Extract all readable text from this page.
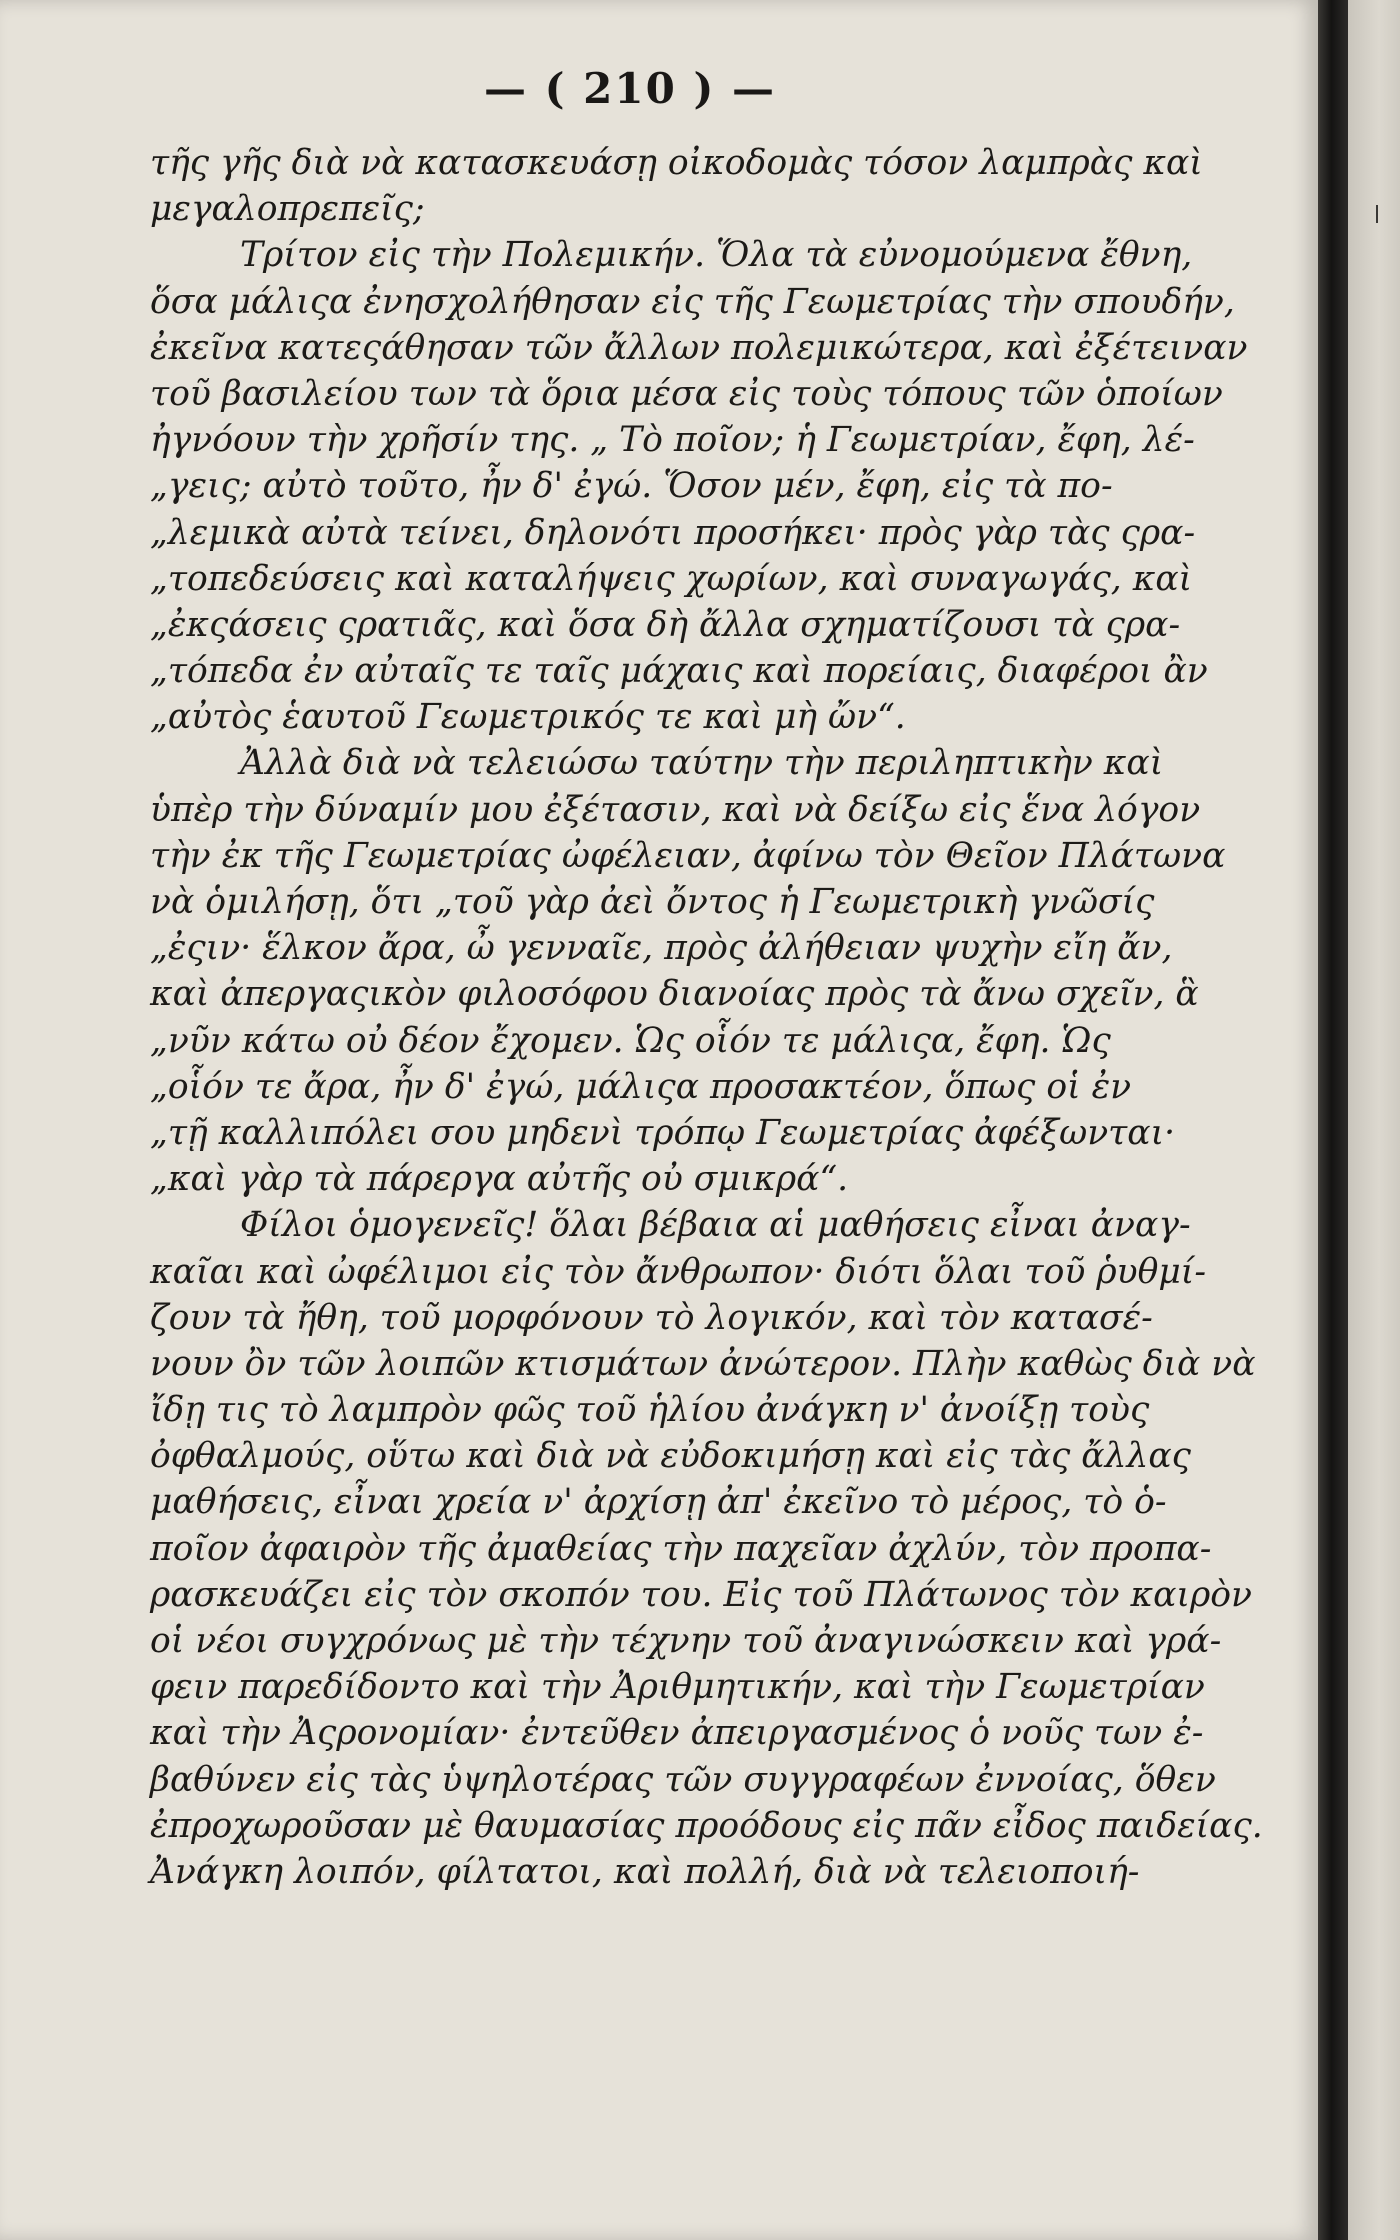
— ( 210 ) —
τῆς γῆς διὰ νὰ κατασκευάσῃ οἰκοδομὰς τόσον λαμπρὰς καὶ
μεγαλοπρεπεῖς;
Τρίτον εἰς τὴν Πολεμικήν. Ὅλα τὰ εὐνομούμενα ἔθνη,
ὅσα μάλιςα ἐνησχολήθησαν εἰς τῆς Γεωμετρίας τὴν σπουδήν,
ἐκεῖνα κατεςάθησαν τῶν ἄλλων πολεμικώτερα, καὶ ἐξέτειναν
τοῦ βασιλείου των τὰ ὅρια μέσα εἰς τοὺς τόπους τῶν ὁποίων
ἠγνόουν τὴν χρῆσίν της. „ Τὸ ποῖον; ἡ Γεωμετρίαν, ἔφη, λέ-
„γεις; αὐτὸ τοῦτο, ἦν δ' ἐγώ. Ὅσον μέν, ἔφη, εἰς τὰ πο-
„λεμικὰ αὐτὰ τείνει, δηλονότι προσήκει· πρὸς γὰρ τὰς ςρα-
„τοπεδεύσεις καὶ καταλήψεις χωρίων, καὶ συναγωγάς, καὶ
„ἐκςάσεις ςρατιᾶς, καὶ ὅσα δὴ ἄλλα σχηματίζουσι τὰ ςρα-
„τόπεδα ἐν αὐταῖς τε ταῖς μάχαις καὶ πορείαις, διαφέροι ἂν
„αὐτὸς ἑαυτοῦ Γεωμετρικός τε καὶ μὴ ὤν“.
Ἀλλὰ διὰ νὰ τελειώσω ταύτην τὴν περιληπτικὴν καὶ
ὑπὲρ τὴν δύναμίν μου ἐξέτασιν, καὶ νὰ δείξω εἰς ἕνα λόγον
τὴν ἐκ τῆς Γεωμετρίας ὠφέλειαν, ἀφίνω τὸν Θεῖον Πλάτωνα
νὰ ὁμιλήσῃ, ὅτι „τοῦ γὰρ ἀεὶ ὄντος ἡ Γεωμετρικὴ γνῶσίς
„ἐςιν· ἕλκον ἄρα, ὦ γενναῖε, πρὸς ἀλήθειαν ψυχὴν εἴη ἄν,
καὶ ἀπεργαςικὸν φιλοσόφου διανοίας πρὸς τὰ ἄνω σχεῖν, ἃ
„νῦν κάτω οὐ δέον ἔχομεν. Ὡς οἷόν τε μάλιςα, ἔφη. Ὡς
„οἷόν τε ἄρα, ἦν δ' ἐγώ, μάλιςα προσακτέον, ὅπως οἱ ἐν
„τῇ καλλιπόλει σου μηδενὶ τρόπῳ Γεωμετρίας ἀφέξωνται·
„καὶ γὰρ τὰ πάρεργα αὐτῆς οὐ σμικρά“.
Φίλοι ὁμογενεῖς! ὅλαι βέβαια αἱ μαθήσεις εἶναι ἀναγ-
καῖαι καὶ ὠφέλιμοι εἰς τὸν ἄνθρωπον· διότι ὅλαι τοῦ ῥυθμί-
ζουν τὰ ἤθη, τοῦ μορφόνουν τὸ λογικόν, καὶ τὸν κατασέ-
νουν ὂν τῶν λοιπῶν κτισμάτων ἀνώτερον. Πλὴν καθὼς διὰ νὰ
ἴδῃ τις τὸ λαμπρὸν φῶς τοῦ ἡλίου ἀνάγκη ν' ἀνοίξῃ τοὺς
ὀφθαλμούς, οὕτω καὶ διὰ νὰ εὐδοκιμήσῃ καὶ εἰς τὰς ἄλλας
μαθήσεις, εἶναι χρεία ν' ἀρχίσῃ ἀπ' ἐκεῖνο τὸ μέρος, τὸ ὁ-
ποῖον ἀφαιρὸν τῆς ἀμαθείας τὴν παχεῖαν ἀχλύν, τὸν προπα-
ρασκευάζει εἰς τὸν σκοπόν του. Εἰς τοῦ Πλάτωνος τὸν καιρὸν
οἱ νέοι συγχρόνως μὲ τὴν τέχνην τοῦ ἀναγινώσκειν καὶ γρά-
φειν παρεδίδοντο καὶ τὴν Ἀριθμητικήν, καὶ τὴν Γεωμετρίαν
καὶ τὴν Ἀςρονομίαν· ἐντεῦθεν ἀπειργασμένος ὁ νοῦς των ἐ-
βαθύνεν εἰς τὰς ὑψηλοτέρας τῶν συγγραφέων ἐννοίας, ὅθεν
ἐπροχωροῦσαν μὲ θαυμασίας προόδους εἰς πᾶν εἶδος παιδείας.
Ἀνάγκη λοιπόν, φίλτατοι, καὶ πολλή, διὰ νὰ τελειοποιή-
